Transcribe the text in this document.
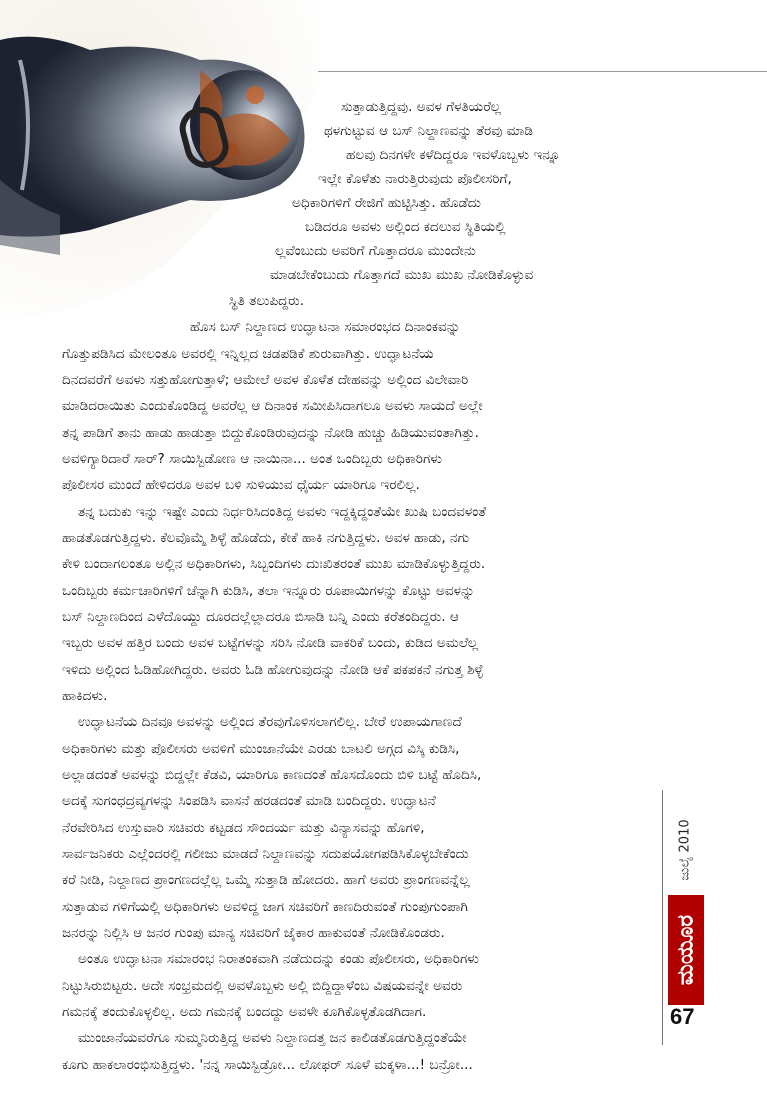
ಸುತ್ತಾಡುತ್ತಿದ್ದವು. ಅವಳ ಗೆಳತಿಯರೆಲ್ಲ
ಥಳಗುಟ್ಟುವ ಆ ಬಸ್ ನಿಲ್ದಾಣವನ್ನು ತೆರವು ಮಾಡಿ
ಹಲವು ದಿನಗಳೇ ಕಳೆದಿದ್ದರೂ ಇವಳೊಬ್ಬಳು ಇನ್ನೂ
ಇಲ್ಲೇ ಕೊಳೆತು ನಾರುತ್ತಿರುವುದು ಪೊಲೀಸರಿಗೆ,
ಅಧಿಕಾರಿಗಳಿಗೆ ರೇಜಿಗೆ ಹುಟ್ಟಿಸಿತ್ತು. ಹೊಡೆದು
ಬಡಿದರೂ ಅವಳು ಅಲ್ಲಿಂದ ಕದಲುವ ಸ್ಥಿತಿಯಲ್ಲಿ
ಲ್ಲವೆಂಬುದು ಅವರಿಗೆ ಗೊತ್ತಾದರೂ ಮುಂದೇನು
ಮಾಡಬೇಕೆಂಬುದು ಗೊತ್ತಾಗದೆ ಮುಖ ಮುಖ ನೋಡಿಕೊಳ್ಳುವ
ಸ್ಥಿತಿ ತಲುಪಿದ್ದರು.
ಹೊಸ ಬಸ್ ನಿಲ್ದಾಣದ ಉದ್ಘಾಟನಾ ಸಮಾರಂಭದ ದಿನಾಂಕವನ್ನು
ಗೊತ್ತುಪಡಿಸಿದ ಮೇಲಂತೂ ಅವರಲ್ಲಿ ಇನ್ನಿಲ್ಲದ ಚಡಪಡಿಕೆ ಶುರುವಾಗಿತ್ತು. ಉದ್ಘಾಟನೆಯ
ದಿನದವರೆಗೆ ಅವಳು ಸತ್ತುಹೋಗುತ್ತಾಳೆ; ಆಮೇಲೆ ಅವಳ ಕೊಳೆತ ದೇಹವನ್ನು ಅಲ್ಲಿಂದ ವಿಲೇವಾರಿ
ಮಾಡಿದರಾಯಿತು ಎಂದುಕೊಂಡಿದ್ದ ಅವರೆಲ್ಲ ಆ ದಿನಾಂಕ ಸಮೀಪಿಸಿದಾಗಲೂ ಅವಳು ಸಾಯದೆ ಅಲ್ಲೇ
ತನ್ನ ಪಾಡಿಗೆ ತಾನು ಹಾಡು ಹಾಡುತ್ತಾ ಬಿದ್ದುಕೊಂಡಿರುವುದನ್ನು ನೋಡಿ ಹುಚ್ಚು ಹಿಡಿಯುವಂತಾಗಿತ್ತು.
ಅವಳಿಗ್ಯಾರಿದಾರೆ ಸಾರ್? ಸಾಯಿಸ್ಬಿಡೋಣ ಆ ನಾಯಿನಾ... ಅಂತ ಒಂದಿಬ್ಬರು ಅಧಿಕಾರಿಗಳು
ಪೊಲೀಸರ ಮುಂದೆ ಹೇಳಿದರೂ ಅವಳ ಬಳಿ ಸುಳಿಯುವ ಧೈರ್ಯ ಯಾರಿಗೂ ಇರಲಿಲ್ಲ.
ತನ್ನ ಬದುಕು ಇನ್ನು ಇಷ್ಟೇ ಎಂದು ನಿರ್ಧರಿಸಿದಂತಿದ್ದ ಅವಳು ಇದ್ದಕ್ಕಿದ್ದಂತೆಯೇ ಖುಷಿ ಬಂದವಳಂತೆ
ಹಾಡತೊಡಗುತ್ತಿದ್ದಳು. ಕೆಲವೊಮ್ಮೆ ಶಿಳ್ಳೆ ಹೊಡೆದು, ಕೇಕೆ ಹಾಕಿ ನಗುತ್ತಿದ್ದಳು. ಅವಳ ಹಾಡು, ನಗು
ಕೇಳಿ ಬಂದಾಗಲಂತೂ ಅಲ್ಲಿನ ಅಧಿಕಾರಿಗಳು, ಸಿಬ್ಬಂದಿಗಳು ದುಃಖಿತರಂತೆ ಮುಖ ಮಾಡಿಕೊಳ್ಳುತ್ತಿದ್ದರು.
ಒಂದಿಬ್ಬರು ಕರ್ಮಚಾರಿಗಳಿಗೆ ಚೆನ್ನಾಗಿ ಕುಡಿಸಿ, ತಲಾ ಇನ್ನೂರು ರೂಪಾಯಿಗಳನ್ನು ಕೊಟ್ಟು ಅವಳನ್ನು
ಬಸ್ ನಿಲ್ದಾಣದಿಂದ ಎಳೆದೊಯ್ದು ದೂರದಲ್ಲೆಲ್ಲಾದರೂ ಬಿಸಾಡಿ ಬನ್ನಿ ಎಂದು ಕರೆತಂದಿದ್ದರು. ಆ
ಇಬ್ಬರು ಅವಳ ಹತ್ತಿರ ಬಂದು ಅವಳ ಬಟ್ಟೆಗಳನ್ನು ಸರಿಸಿ ನೋಡಿ ವಾಕರಿಕೆ ಬಂದು, ಕುಡಿದ ಅಮಲೆಲ್ಲ
ಇಳಿದು ಅಲ್ಲಿಂದ ಓಡಿಹೋಗಿದ್ದರು. ಅವರು ಓಡಿ ಹೋಗುವುದನ್ನು ನೋಡಿ ಆಕೆ ಪಕಪಕನೆ ನಗುತ್ತ ಶಿಳ್ಳೆ
ಹಾಕಿದಳು.
ಉದ್ಘಾಟನೆಯ ದಿನವೂ ಅವಳನ್ನು ಅಲ್ಲಿಂದ ತೆರವುಗೊಳಿಸಲಾಗಲಿಲ್ಲ. ಬೇರೆ ಉಪಾಯಗಾಣದೆ
ಅಧಿಕಾರಿಗಳು ಮತ್ತು ಪೊಲೀಸರು ಅವಳಿಗೆ ಮುಂಜಾನೆಯೇ ಎರಡು ಬಾಟಲಿ ಅಗ್ಗದ ವಿಸ್ಕಿ ಕುಡಿಸಿ,
ಅಲ್ಲಾಡದಂತೆ ಅವಳನ್ನು ಬಿದ್ದಲ್ಲೇ ಕೆಡವಿ, ಯಾರಿಗೂ ಕಾಣದಂತೆ ಹೊಸದೊಂದು ಬಿಳಿ ಬಟ್ಟೆ ಹೊದಿಸಿ,
ಅದಕ್ಕೆ ಸುಗಂಧದ್ರವ್ಯಗಳನ್ನು ಸಿಂಪಡಿಸಿ ವಾಸನೆ ಹರಡದಂತೆ ಮಾಡಿ ಬಂದಿದ್ದರು. ಉದ್ಘಾಟನೆ
ನೆರವೇರಿಸಿದ ಉಸ್ತುವಾರಿ ಸಚಿವರು ಕಟ್ಟಡದ ಸೌಂದರ್ಯ ಮತ್ತು ವಿನ್ಯಾಸವನ್ನು ಹೊಗಳಿ,
ಸಾರ್ವಜನಿಕರು ಎಲ್ಲೆಂದರಲ್ಲಿ ಗಲೀಜು ಮಾಡದೆ ನಿಲ್ದಾಣವನ್ನು ಸದುಪಯೋಗಪಡಿಸಿಕೊಳ್ಳಬೇಕೆಂದು
ಕರೆ ನೀಡಿ, ನಿಲ್ದಾಣದ ಪ್ರಾಂಗಣದಲ್ಲೆಲ್ಲ ಒಮ್ಮೆ ಸುತ್ತಾಡಿ ಹೋದರು. ಹಾಗೆ ಅವರು ಪ್ರಾಂಗಣವನ್ನೆಲ್ಲ
ಸುತ್ತಾಡುವ ಗಳಿಗೆಯಲ್ಲಿ ಅಧಿಕಾರಿಗಳು ಅವಳಿದ್ದ ಜಾಗ ಸಚಿವರಿಗೆ ಕಾಣದಿರುವಂತೆ ಗುಂಪುಗುಂಪಾಗಿ
ಜನರನ್ನು ನಿಲ್ಲಿಸಿ ಆ ಜನರ ಗುಂಪು ಮಾನ್ಯ ಸಚಿವರಿಗೆ ಜೈಕಾರ ಹಾಕುವಂತೆ ನೋಡಿಕೊಂಡರು.
ಅಂತೂ ಉದ್ಘಾಟನಾ ಸಮಾರಂಭ ನಿರಾತಂಕವಾಗಿ ನಡೆದುದನ್ನು ಕಂಡು ಪೊಲೀಸರು, ಅಧಿಕಾರಿಗಳು
ನಿಟ್ಟುಸಿರುಬಿಟ್ಟರು. ಅದೇ ಸಂಭ್ರಮದಲ್ಲಿ ಅವಳೊಬ್ಬಳು ಅಲ್ಲಿ ಬಿದ್ದಿದ್ದಾಳೆಂಬ ವಿಷಯವನ್ನೇ ಅವರು
ಗಮನಕ್ಕೆ ತಂದುಕೊಳ್ಳಲಿಲ್ಲ. ಅದು ಗಮನಕ್ಕೆ ಬಂದದ್ದು ಅವಳೇ ಕೂಗಿಕೊಳ್ಳತೊಡಗಿದಾಗ.
ಮುಂಜಾನೆಯವರೆಗೂ ಸುಮ್ಮನಿರುತ್ತಿದ್ದ ಅವಳು ನಿಲ್ದಾಣದತ್ತ ಜನ ಕಾಲಿಡತೊಡಗುತ್ತಿದ್ದಂತೆಯೇ
ಕೂಗು ಹಾಕಲಾರಂಭಿಸುತ್ತಿದ್ದಳು. 'ನನ್ನ ಸಾಯಿಸ್ಬಿಡ್ರೋ... ಲೋಫರ್ ಸೂಳೆ ಮಕ್ಕಳಾ...! ಬನ್ರೋ...
ಜುಲೈ 2010
ಮಯೂರ
67
